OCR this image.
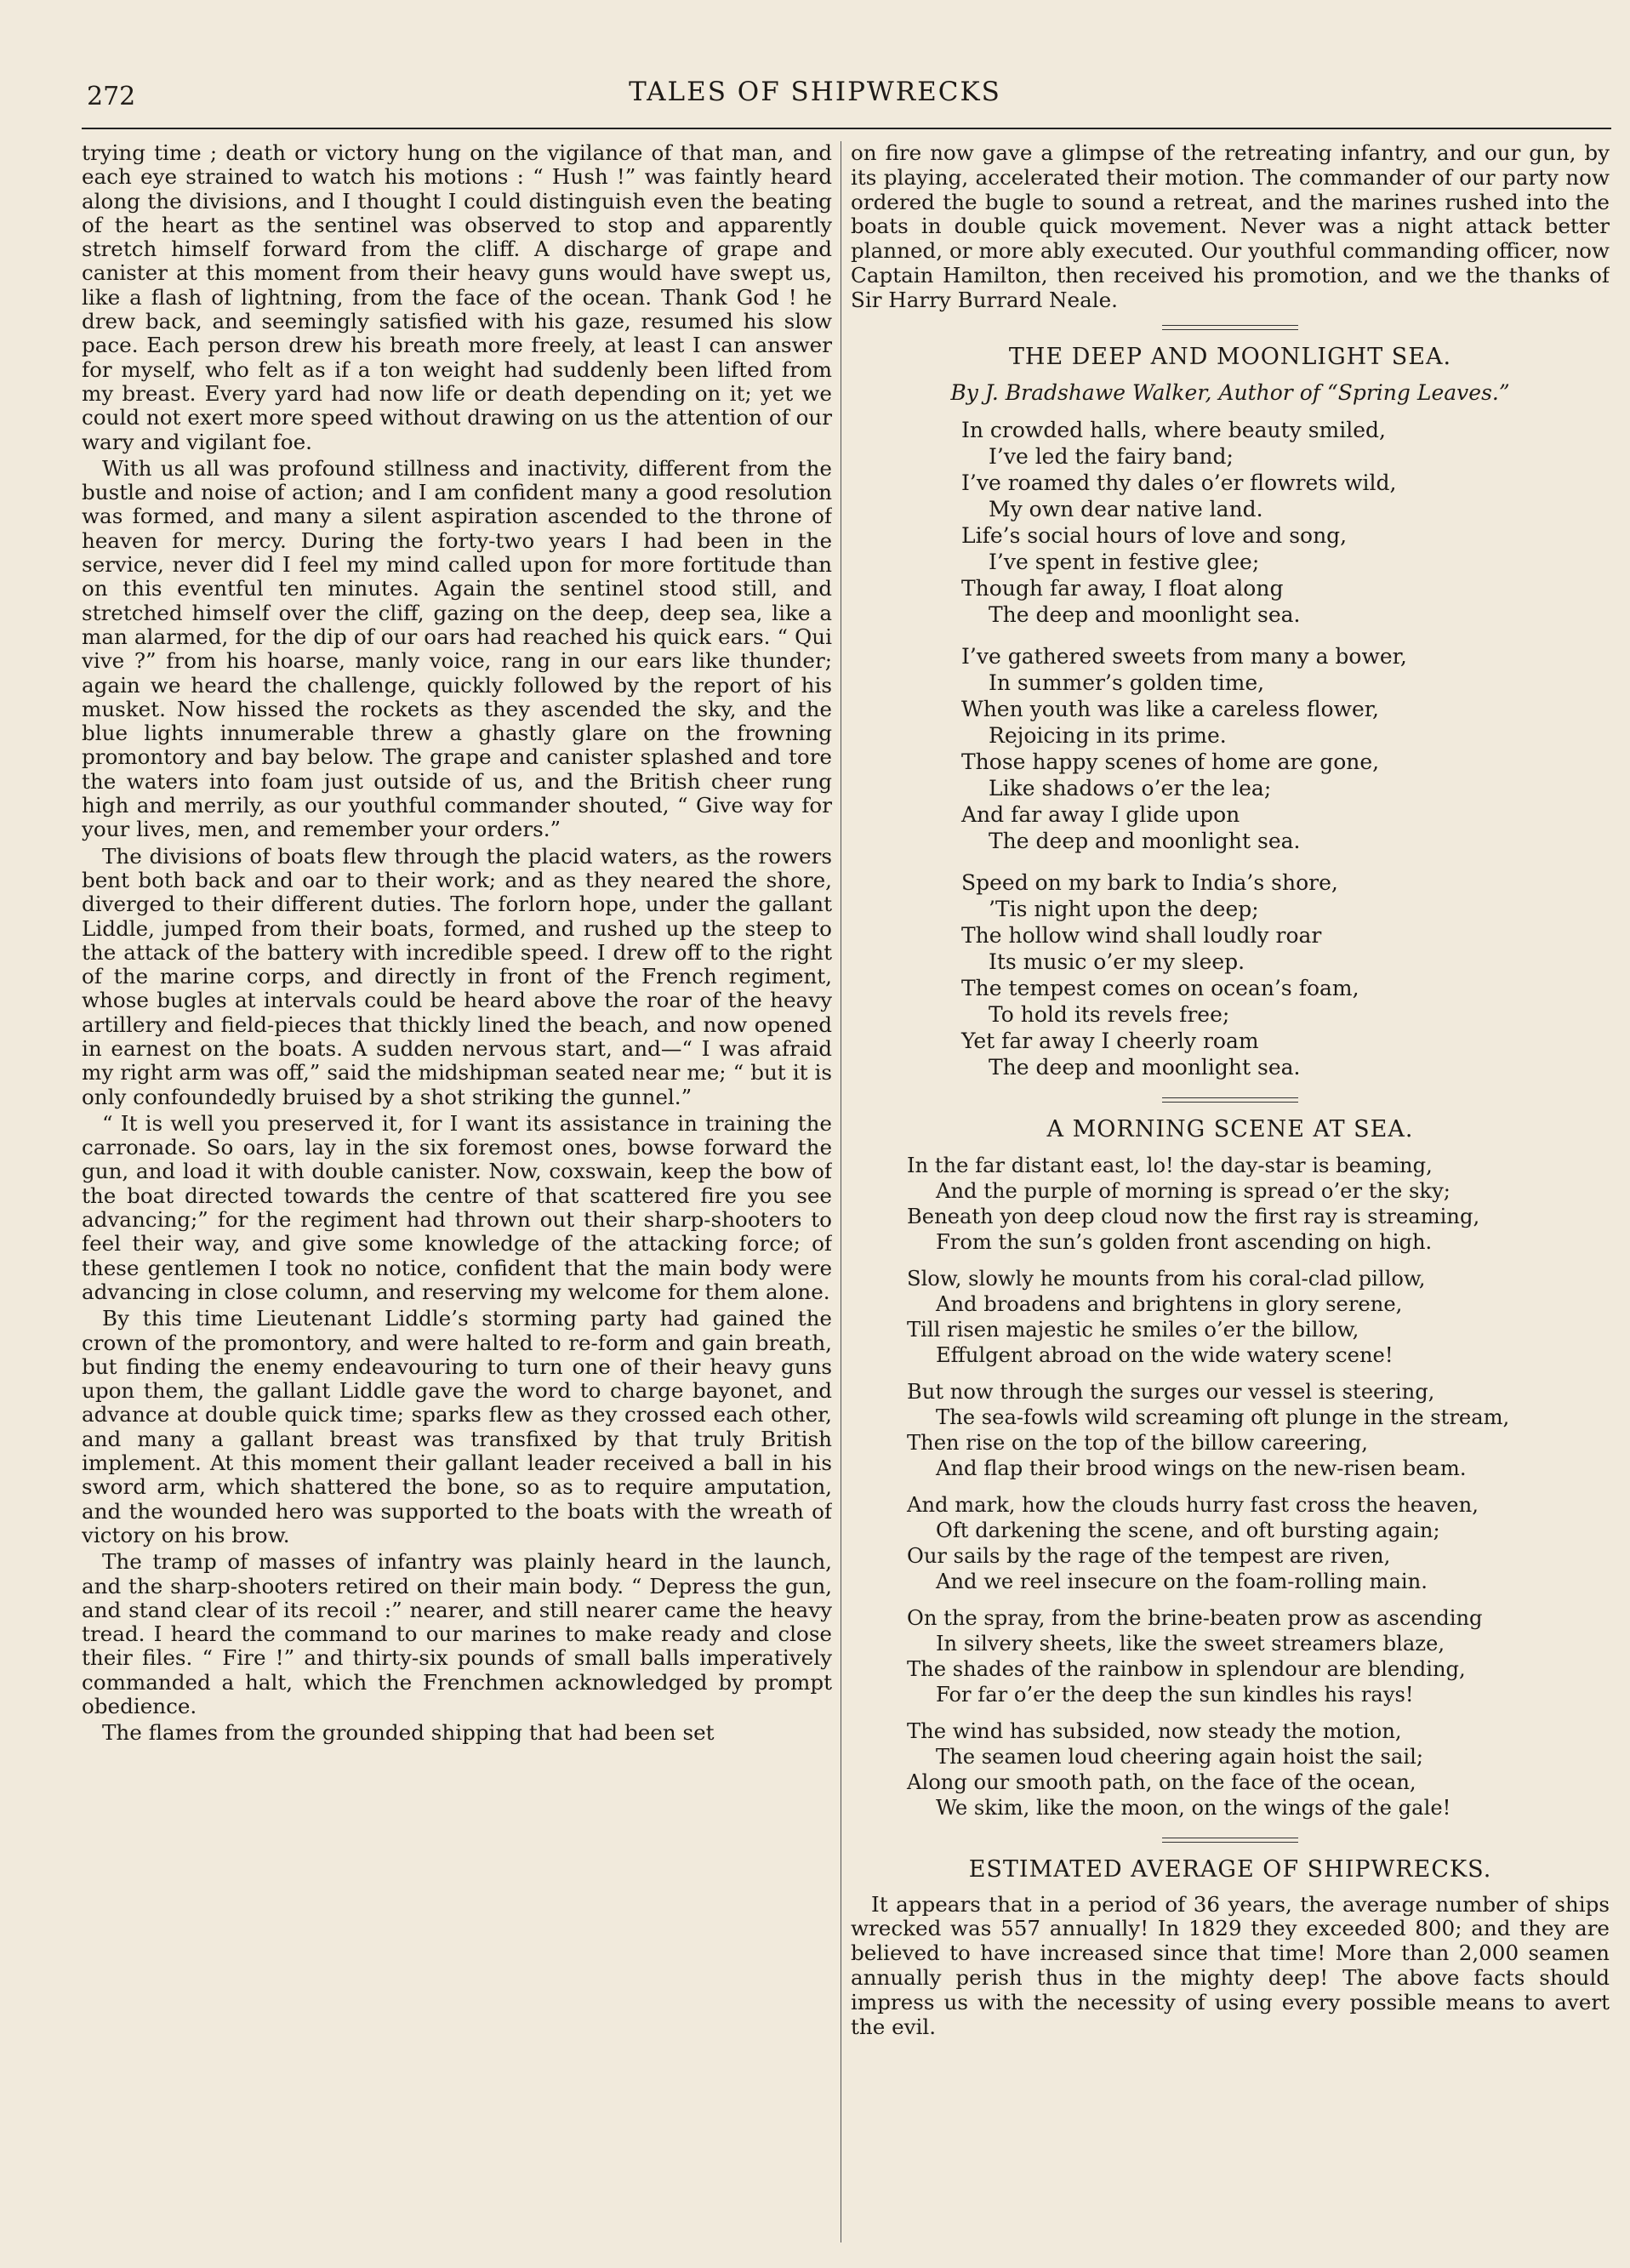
272	TALES OF SHIPWRECKS

trying time ; death or victory hung on the vigilance of that man, and each eye strained to watch his motions : “ Hush !” was faintly heard along the divisions, and I thought I could distinguish even the beating of the heart as the sentinel was observed to stop and apparently stretch himself forward from the cliff. A discharge of grape and canister at this moment from their heavy guns would have swept us, like a flash of lightning, from the face of the ocean. Thank God ! he drew back, and seemingly satisfied with his gaze, resumed his slow pace. Each person drew his breath more freely, at least I can answer for myself, who felt as if a ton weight had suddenly been lifted from my breast. Every yard had now life or death depending on it; yet we could not exert more speed without drawing on us the attention of our wary and vigilant foe.

With us all was profound stillness and inactivity, different from the bustle and noise of action; and I am confident many a good resolution was formed, and many a silent aspiration ascended to the throne of heaven for mercy. During the forty-two years I had been in the service, never did I feel my mind called upon for more fortitude than on this eventful ten minutes. Again the sentinel stood still, and stretched himself over the cliff, gazing on the deep, deep sea, like a man alarmed, for the dip of our oars had reached his quick ears. “ Qui vive ?” from his hoarse, manly voice, rang in our ears like thunder; again we heard the challenge, quickly followed by the report of his musket. Now hissed the rockets as they ascended the sky, and the blue lights innumerable threw a ghastly glare on the frowning promontory and bay below. The grape and canister splashed and tore the waters into foam just outside of us, and the British cheer rung high and merrily, as our youthful commander shouted, “ Give way for your lives, men, and remember your orders.”

The divisions of boats flew through the placid waters, as the rowers bent both back and oar to their work; and as they neared the shore, diverged to their different duties. The forlorn hope, under the gallant Liddle, jumped from their boats, formed, and rushed up the steep to the attack of the battery with incredible speed. I drew off to the right of the marine corps, and directly in front of the French regiment, whose bugles at intervals could be heard above the roar of the heavy artillery and field-pieces that thickly lined the beach, and now opened in earnest on the boats. A sudden nervous start, and—“ I was afraid my right arm was off,” said the midshipman seated near me; “ but it is only confoundedly bruised by a shot striking the gunnel.”

“ It is well you preserved it, for I want its assistance in training the carronade. So oars, lay in the six foremost ones, bowse forward the gun, and load it with double canister. Now, coxswain, keep the bow of the boat directed towards the centre of that scattered fire you see advancing;” for the regiment had thrown out their sharp-shooters to feel their way, and give some knowledge of the attacking force; of these gentlemen I took no notice, confident that the main body were advancing in close column, and reserving my welcome for them alone.

By this time Lieutenant Liddle’s storming party had gained the crown of the promontory, and were halted to re-form and gain breath, but finding the enemy endeavouring to turn one of their heavy guns upon them, the gallant Liddle gave the word to charge bayonet, and advance at double quick time; sparks flew as they crossed each other, and many a gallant breast was transfixed by that truly British implement. At this moment their gallant leader received a ball in his sword arm, which shattered the bone, so as to require amputation, and the wounded hero was supported to the boats with the wreath of victory on his brow.

The tramp of masses of infantry was plainly heard in the launch, and the sharp-shooters retired on their main body. “ Depress the gun, and stand clear of its recoil :” nearer, and still nearer came the heavy tread. I heard the command to our marines to make ready and close their files. “ Fire !” and thirty-six pounds of small balls imperatively commanded a halt, which the Frenchmen acknowledged by prompt obedience.

The flames from the grounded shipping that had been set

on fire now gave a glimpse of the retreating infantry, and our gun, by its playing, accelerated their motion. The commander of our party now ordered the bugle to sound a retreat, and the marines rushed into the boats in double quick movement. Never was a night attack better planned, or more ably executed. Our youthful commanding officer, now Captain Hamilton, then received his promotion, and we the thanks of Sir Harry Burrard Neale.

THE DEEP AND MOONLIGHT SEA.
By J. Bradshawe Walker, Author of “Spring Leaves.”
In crowded halls, where beauty smiled,
I’ve led the fairy band;
I’ve roamed thy dales o’er flowrets wild,
My own dear native land.
Life’s social hours of love and song,
I’ve spent in festive glee;
Though far away, I float along
The deep and moonlight sea.
I’ve gathered sweets from many a bower,
In summer’s golden time,
When youth was like a careless flower,
Rejoicing in its prime.
Those happy scenes of home are gone,
Like shadows o’er the lea;
And far away I glide upon
The deep and moonlight sea.
Speed on my bark to India’s shore,
’Tis night upon the deep;
The hollow wind shall loudly roar
Its music o’er my sleep.
The tempest comes on ocean’s foam,
To hold its revels free;
Yet far away I cheerly roam
The deep and moonlight sea.
A MORNING SCENE AT SEA.
In the far distant east, lo! the day-star is beaming,
And the purple of morning is spread o’er the sky;
Beneath yon deep cloud now the first ray is streaming,
From the sun’s golden front ascending on high.
Slow, slowly he mounts from his coral-clad pillow,
And broadens and brightens in glory serene,
Till risen majestic he smiles o’er the billow,
Effulgent abroad on the wide watery scene!
But now through the surges our vessel is steering,
The sea-fowls wild screaming oft plunge in the stream,
Then rise on the top of the billow careering,
And flap their brood wings on the new-risen beam.
And mark, how the clouds hurry fast cross the heaven,
Oft darkening the scene, and oft bursting again;
Our sails by the rage of the tempest are riven,
And we reel insecure on the foam-rolling main.
On the spray, from the brine-beaten prow as ascending
In silvery sheets, like the sweet streamers blaze,
The shades of the rainbow in splendour are blending,
For far o’er the deep the sun kindles his rays!
The wind has subsided, now steady the motion,
The seamen loud cheering again hoist the sail;
Along our smooth path, on the face of the ocean,
We skim, like the moon, on the wings of the gale!
ESTIMATED AVERAGE OF SHIPWRECKS.

It appears that in a period of 36 years, the average number of ships wrecked was 557 annually! In 1829 they exceeded 800; and they are believed to have increased since that time! More than 2,000 seamen annually perish thus in the mighty deep! The above facts should impress us with the necessity of using every possible means to avert the evil.
